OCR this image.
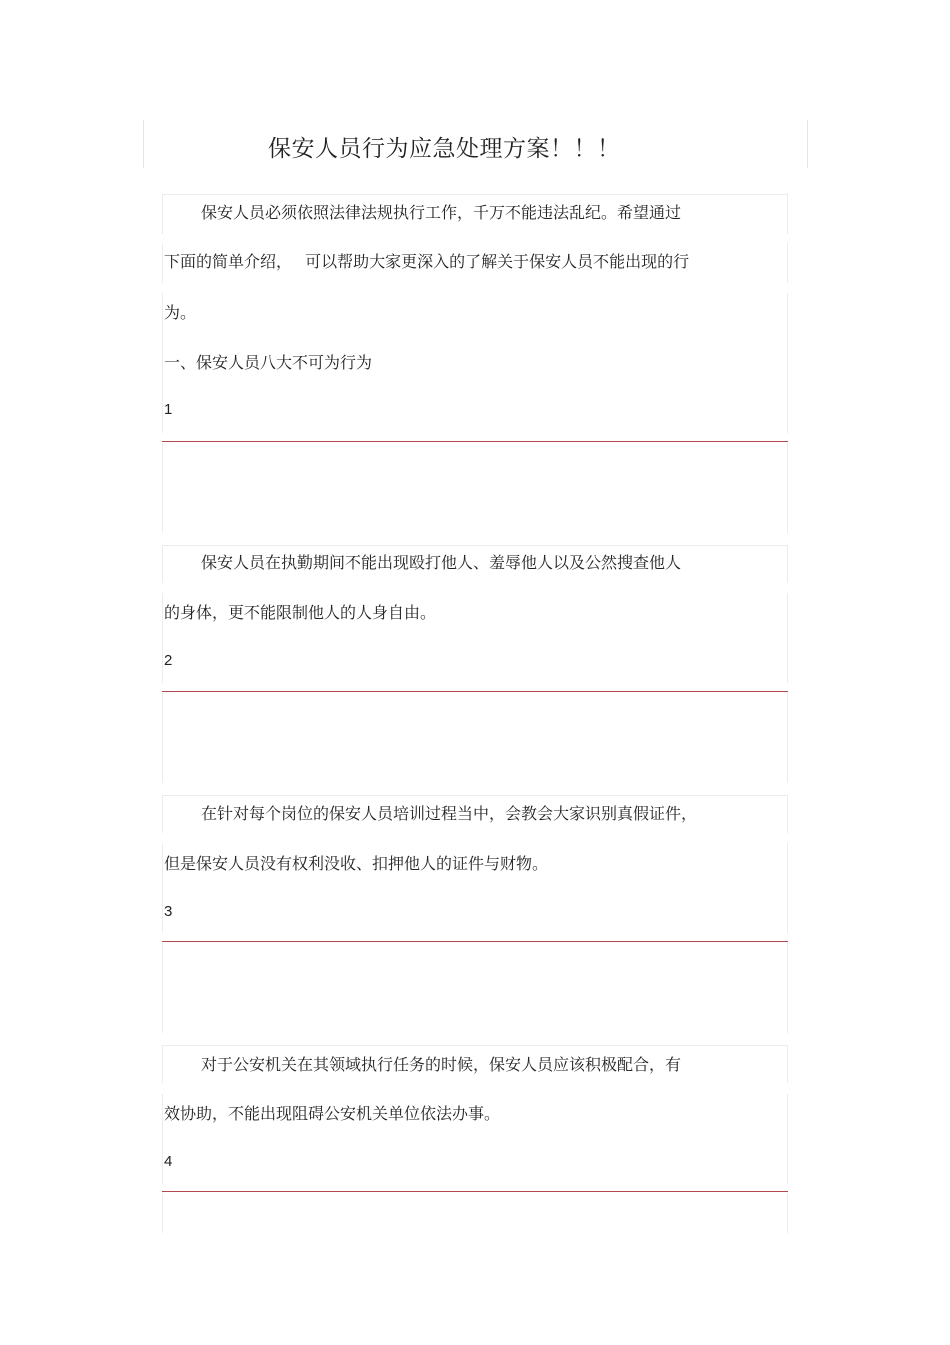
保安人员行为应急处理方案！！！
保安人员必须依照法律法规执行工作，千万不能违法乱纪。希望通过
下面的简单介绍，　 可以帮助大家更深入的了解关于保安人员不能出现的行
为。
一、保安人员八大不可为行为
1
保安人员在执勤期间不能出现殴打他人、羞辱他人以及公然搜查他人
的身体，更不能限制他人的人身自由。
2
在针对每个岗位的保安人员培训过程当中，会教会大家识别真假证件，
但是保安人员没有权利没收、扣押他人的证件与财物。
3
对于公安机关在其领域执行任务的时候，保安人员应该积极配合，有
效协助，不能出现阻碍公安机关单位依法办事。
4
